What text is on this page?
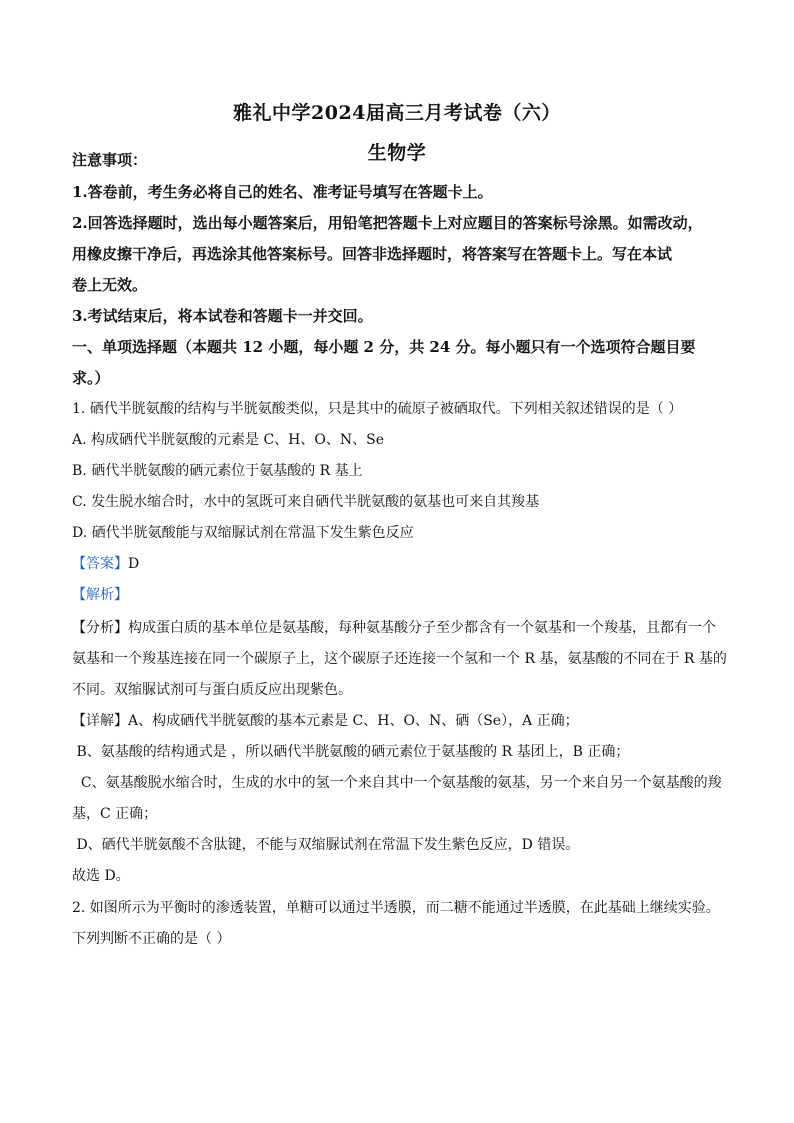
雅礼中学2024届高三月考试卷（六）
生物学
注意事项：
1.答卷前，考生务必将自己的姓名、准考证号填写在答题卡上。
2.回答选择题时，选出每小题答案后，用铅笔把答题卡上对应题目的答案标号涂黑。如需改动，
用橡皮擦干净后，再选涂其他答案标号。回答非选择题时，将答案写在答题卡上。写在本试
卷上无效。
3.考试结束后，将本试卷和答题卡一并交回。
一、单项选择题（本题共 12 小题，每小题 2 分，共 24 分。每小题只有一个选项符合题目要
求。）
1. 硒代半胱氨酸的结构与半胱氨酸类似，只是其中的硫原子被硒取代。下列相关叙述错误的是（ ）
A. 构成硒代半胱氨酸的元素是 C、H、O、N、Se
B. 硒代半胱氨酸的硒元素位于氨基酸的 R 基上
C. 发生脱水缩合时，水中的氢既可来自硒代半胱氨酸的氨基也可来自其羧基
D. 硒代半胱氨酸能与双缩脲试剂在常温下发生紫色反应
【答案】D
【解析】
【分析】构成蛋白质的基本单位是氨基酸，每种氨基酸分子至少都含有一个氨基和一个羧基，且都有一个
氨基和一个羧基连接在同一个碳原子上，这个碳原子还连接一个氢和一个 R 基，氨基酸的不同在于 R 基的
不同。双缩脲试剂可与蛋白质反应出现紫色。
【详解】A、构成硒代半胱氨酸的基本元素是 C、H、O、N、硒（Se），A 正确；
B、氨基酸的结构通式是 ，所以硒代半胱氨酸的硒元素位于氨基酸的 R 基团上，B 正确；
C、氨基酸脱水缩合时，生成的水中的氢一个来自其中一个氨基酸的氨基，另一个来自另一个氨基酸的羧
基，C 正确；
D、硒代半胱氨酸不含肽键，不能与双缩脲试剂在常温下发生紫色反应，D 错误。
故选 D。
2. 如图所示为平衡时的渗透装置，单糖可以通过半透膜，而二糖不能通过半透膜，在此基础上继续实验。
下列判断不正确的是（ ）
